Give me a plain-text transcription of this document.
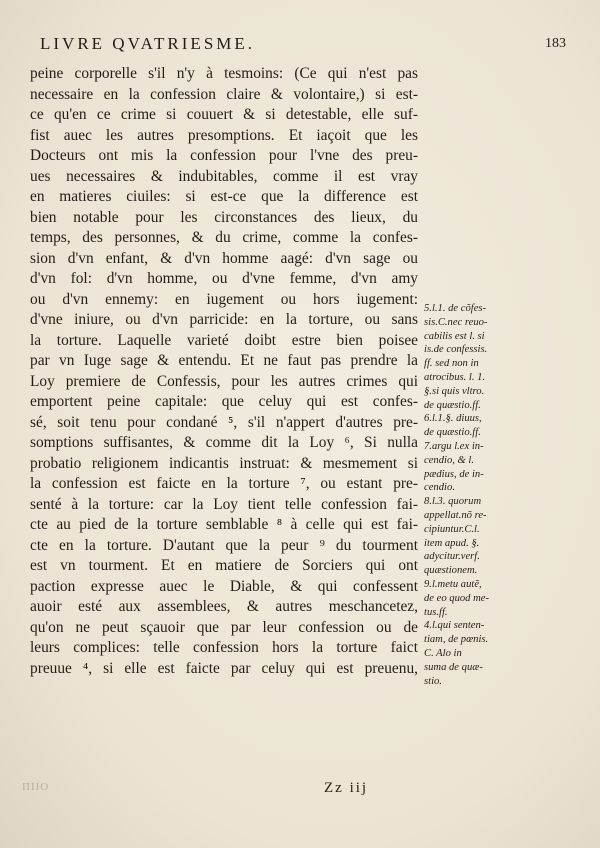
LIVRE QVATRIESME.	183
peine corporelle s'il n'y à tesmoins: (Ce qui n'est pas
necessaire en la confession claire & volontaire,) si est-
ce qu'en ce crime si couuert & si detestable, elle suf-
fist auec les autres presomptions. Et iaçoit que les
Docteurs ont mis la confession pour l'vne des preu-
ues necessaires & indubitables, comme il est vray
en matieres ciuiles: si est-ce que la difference est
bien notable pour les circonstances des lieux, du
temps, des personnes, & du crime, comme la confes-
sion d'vn enfant, & d'vn homme aagé: d'vn sage ou
d'vn fol: d'vn homme, ou d'vne femme, d'vn amy
ou d'vn ennemy: en iugement ou hors iugement:
d'vne iniure, ou d'vn parricide: en la torture, ou sans
la torture. Laquelle varieté doibt estre bien poisee
par vn Iuge sage & entendu. Et ne faut pas prendre la
Loy premiere de Confessis, pour les autres crimes qui
emportent peine capitale: que celuy qui est confes-
sé, soit tenu pour condané ⁵, s'il n'appert d'autres pre-
somptions suffisantes, & comme dit la Loy ⁶, Si nulla
probatio religionem indicantis instruat: & mesmement si
la confession est faicte en la torture ⁷, ou estant pre-
senté à la torture: car la Loy tient telle confession fai-
cte au pied de la torture semblable ⁸ à celle qui est fai-
cte en la torture. D'autant que la peur ⁹ du tourment
est vn tourment. Et en matiere de Sorciers qui ont
paction expresse auec le Diable, & qui confessent
auoir esté aux assemblees, & autres meschancetez,
qu'on ne peut sçauoir que par leur confession ou de
leurs complices: telle confession hors la torture faict
preuue ⁴, si elle est faicte par celuy qui est preuenu,
5.l.1. de cõfes-
sis.C.nec reuo-
cabilis est l. si
is.de confessis.
ff. sed non in
atrocibus. l. 1.
§.si quis vltro.
de quæstio.ff.
6.l.1.§. diuus,
de quæstio.ff.
7.argu l.ex in-
cendio, & l.
pædius, de in-
cendio.
8.l.3. quorum
appellat.nõ re-
cipiuntur.C.l.
item apud. §.
adycitur.verf.
quæstionem.
9.l.metu autẽ,
de eo quod me-
tus.ff.
4.l.qui senten-
tiam, de pœnis.
C. Alo in
suma de quæ-
stio.
Zz iij
ΠΙΙΟ
